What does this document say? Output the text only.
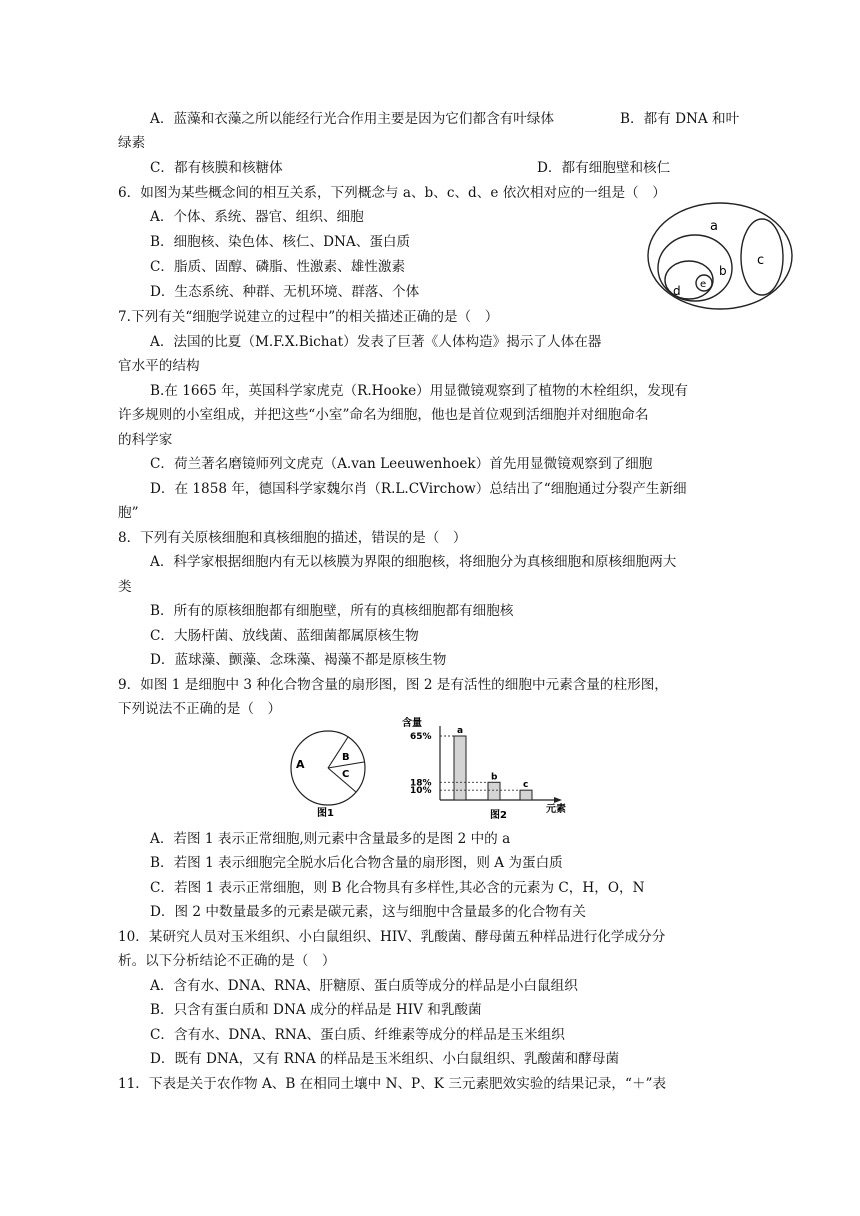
A．蓝藻和衣藻之所以能经行光合作用主要是因为它们都含有叶绿体	B．都有 DNA 和叶
绿素
C．都有核膜和核糖体	D．都有细胞壁和核仁
6．如图为某些概念间的相互关系，下列概念与 a、b、c、d、e 依次相对应的一组是（　）
A．个体、系统、器官、组织、细胞
B．细胞核、染色体、核仁、DNA、蛋白质
C．脂质、固醇、磷脂、性激素、雄性激素
D．生态系统、种群、无机环境、群落、个体
a
b
c
d e
7.下列有关“细胞学说建立的过程中”的相关描述正确的是（　）
A．法国的比夏（M.F.X.Bichat）发表了巨著《人体构造》揭示了人体在器
官水平的结构
B.在 1665 年，英国科学家虎克（R.Hooke）用显微镜观察到了植物的木栓组织，发现有
许多规则的小室组成，并把这些“小室”命名为细胞，他也是首位观到活细胞并对细胞命名
的科学家
C．荷兰著名磨镜师列文虎克（A.van Leeuwenhoek）首先用显微镜观察到了细胞
D．在 1858 年，德国科学家魏尔肖（R.L.CVirchow）总结出了“细胞通过分裂产生新细
胞”
8．下列有关原核细胞和真核细胞的描述，错误的是（　）
A．科学家根据细胞内有无以核膜为界限的细胞核，将细胞分为真核细胞和原核细胞两大
类
B．所有的原核细胞都有细胞壁，所有的真核细胞都有细胞核
C．大肠杆菌、放线菌、蓝细菌都属原核生物
D．蓝球藻、颤藻、念珠藻、褐藻不都是原核生物
9．如图 1 是细胞中 3 种化合物含量的扇形图，图 2 是有活性的细胞中元素含量的柱形图，
下列说法不正确的是（　）
A
B
C
图1
含量
a
65%
b
18%	c
10%
元素
图2
A．若图 1 表示正常细胞,则元素中含量最多的是图 2 中的 a
B．若图 1 表示细胞完全脱水后化合物含量的扇形图，则 A 为蛋白质
C．若图 1 表示正常细胞，则 B 化合物具有多样性,其必含的元素为 C，H，O，N
D．图 2 中数量最多的元素是碳元素，这与细胞中含量最多的化合物有关
10．某研究人员对玉米组织、小白鼠组织、HIV、乳酸菌、酵母菌五种样品进行化学成分分
析。以下分析结论不正确的是（　）
A．含有水、DNA、RNA、肝糖原、蛋白质等成分的样品是小白鼠组织
B．只含有蛋白质和 DNA 成分的样品是 HIV 和乳酸菌
C．含有水、DNA、RNA、蛋白质、纤维素等成分的样品是玉米组织
D．既有 DNA，又有 RNA 的样品是玉米组织、小白鼠组织、乳酸菌和酵母菌
11．下表是关于农作物 A、B 在相同土壤中 N、P、K 三元素肥效实验的结果记录，“＋”表
